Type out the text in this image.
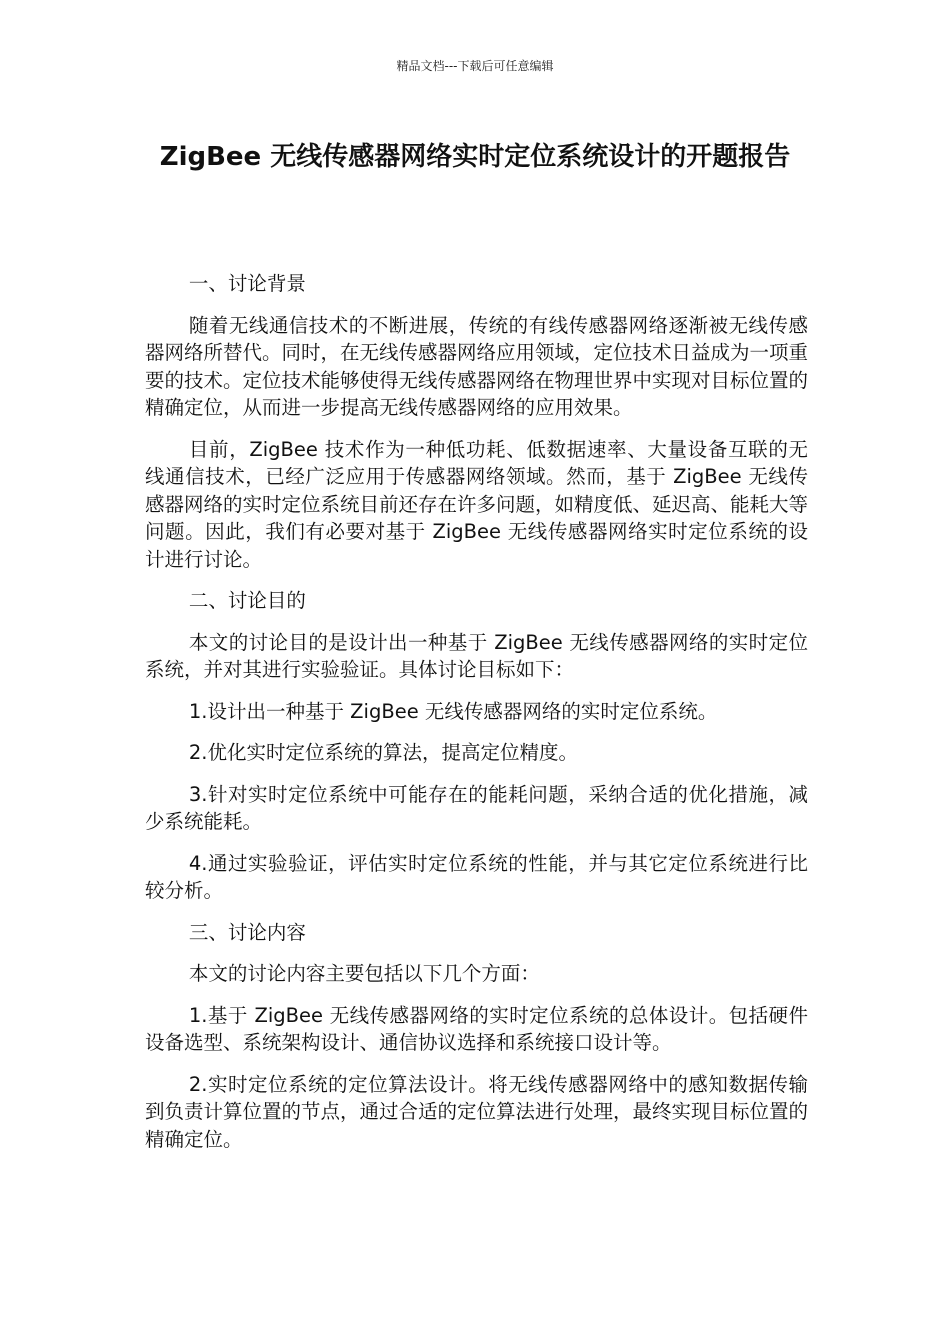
精品文档---下载后可任意编辑
ZigBee 无线传感器网络实时定位系统设计的开题报告

一、讨论背景

随着无线通信技术的不断进展，传统的有线传感器网络逐渐被无线传感器网络所替代。同时，在无线传感器网络应用领域，定位技术日益成为一项重要的技术。定位技术能够使得无线传感器网络在物理世界中实现对目标位置的精确定位，从而进一步提高无线传感器网络的应用效果。

目前，ZigBee 技术作为一种低功耗、低数据速率、大量设备互联的无线通信技术，已经广泛应用于传感器网络领域。然而，基于 ZigBee 无线传感器网络的实时定位系统目前还存在许多问题，如精度低、延迟高、能耗大等问题。因此，我们有必要对基于 ZigBee 无线传感器网络实时定位系统的设计进行讨论。

二、讨论目的

本文的讨论目的是设计出一种基于 ZigBee 无线传感器网络的实时定位系统，并对其进行实验验证。具体讨论目标如下：

1.设计出一种基于 ZigBee 无线传感器网络的实时定位系统。

2.优化实时定位系统的算法，提高定位精度。

3.针对实时定位系统中可能存在的能耗问题，采纳合适的优化措施，减少系统能耗。

4.通过实验验证，评估实时定位系统的性能，并与其它定位系统进行比较分析。

三、讨论内容

本文的讨论内容主要包括以下几个方面：

1.基于 ZigBee 无线传感器网络的实时定位系统的总体设计。包括硬件设备选型、系统架构设计、通信协议选择和系统接口设计等。

2.实时定位系统的定位算法设计。将无线传感器网络中的感知数据传输到负责计算位置的节点，通过合适的定位算法进行处理，最终实现目标位置的精确定位。
